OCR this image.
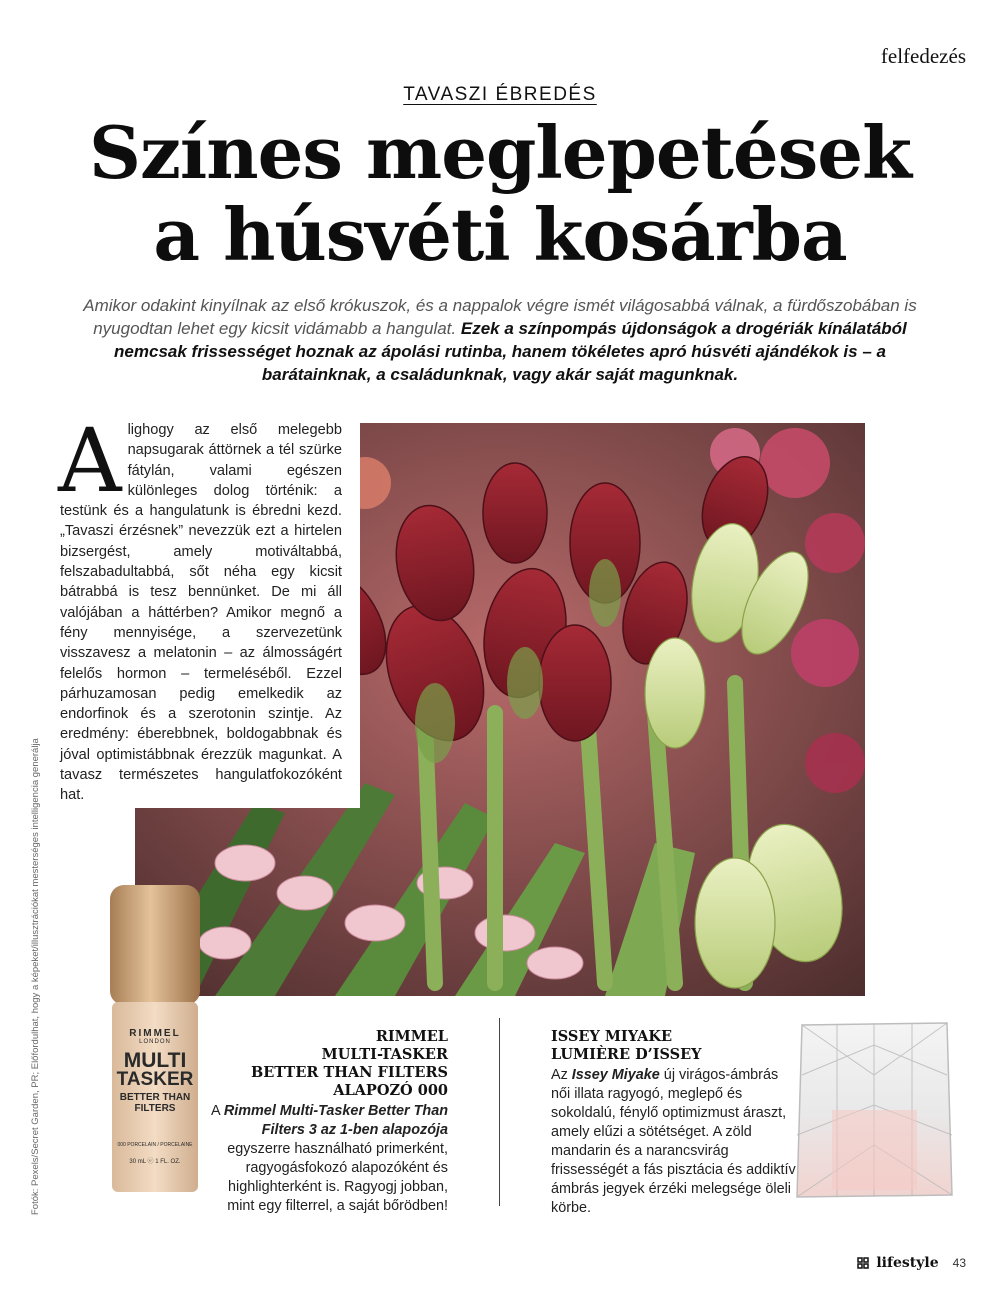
felfedezés
TAVASZI ÉBREDÉS
Színes meglepetések
a húsvéti kosárba

Amikor odakint kinyílnak az első krókuszok, és a nappalok végre ismét világosabbá válnak, a fürdőszobában is nyugodtan lehet egy kicsit vidámabb a hangulat. Ezek a színpompás újdonságok a drogériák kínálatából nemcsak frissességet hoznak az ápolási rutinba, hanem tökéletes apró húsvéti ajándékok is – a barátainknak, a családunknak, vagy akár saját magunknak.

Alighogy az első melegebb napsugarak áttörnek a tél szürke fátylán, valami egészen különleges dolog történik: a testünk és a hangulatunk is ébredni kezd. „Tavaszi érzésnek” nevezzük ezt a hirtelen bizsergést, amely motiváltabbá, felszabadultabbá, sőt néha egy kicsit bátrabbá is tesz bennünket. De mi áll valójában a háttérben? Amikor megnő a fény mennyisége, a szervezetünk visszavesz a melatonin – az álmosságért felelős hormon – termeléséből. Ezzel párhuzamosan pedig emelkedik az endorfinok és a szerotonin szintje. Az eredmény: éberebbnek, boldogabbnak és jóval optimistábbnak érezzük magunkat. A tavasz természetes hangulatfokozóként hat.
Fotók: Pexels/Secret Garden, PR; Előfordulhat, hogy a képeket/illusztrációkat mesterséges intelligencia generálja	RIMMEL
LONDON
MULTI
TASKER
BETTER THAN
FILTERS
000 PORCELAIN / PORCELAINE
30 mL ⓔ 1 FL. OZ.
RIMMEL
MULTI-TASKER
BETTER THAN FILTERS
ALAPOZÓ 000
A Rimmel Multi-Tasker Better Than Filters 3 az 1-ben alapozója egyszerre használható primerként, ragyogásfokozó alapozóként és highlighterként is. Ragyogj jobban, mint egy filterrel, a saját bőrödben!
ISSEY MIYAKE
LUMIÈRE D’ISSEY
Az Issey Miyake új virágos-ámbrás női illata ragyogó, meglepő és sokoldalú, fénylő optimizmust áraszt, amely elűzi a sötétséget. A zöld mandarin és a narancsvirág frissességét a fás pisztácia és addiktív ámbrás jegyek érzéki melegsége öleli körbe.
lifestyle 43
